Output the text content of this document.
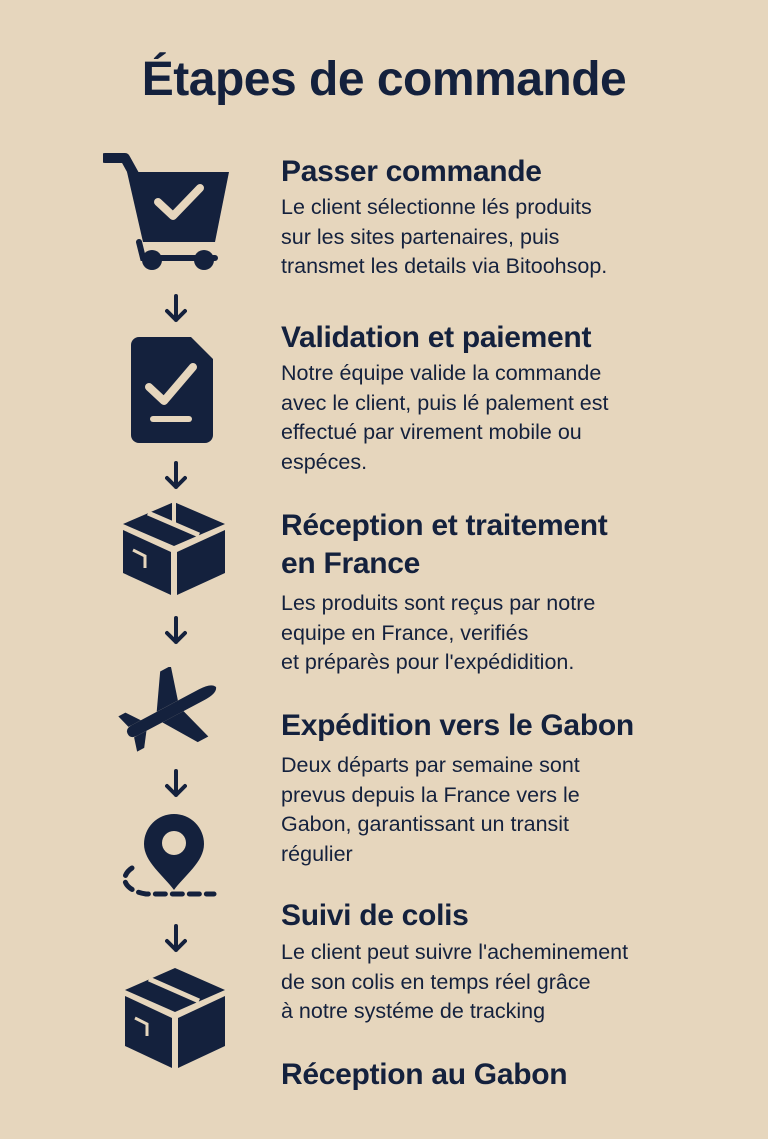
Étapes de commande
Passer commande
Le client sélectionne lés produits
sur les sites partenaires, puis
transmet les details via Bitoohsop.
Validation et paiement
Notre équipe valide la commande
avec le client, puis lé palement est
effectué par virement mobile ou
espéces.
Réception et traitement
en France
Les produits sont reçus par notre
equipe en France, verifiés
et préparès pour l'expédidition.
Expédition vers le Gabon
Deux départs par semaine sont
prevus depuis la France vers le
Gabon, garantissant un transit
régulier
Suivi de colis
Le client peut suivre l'acheminement
de son colis en temps réel grâce
à notre systéme de tracking
Réception au Gabon
